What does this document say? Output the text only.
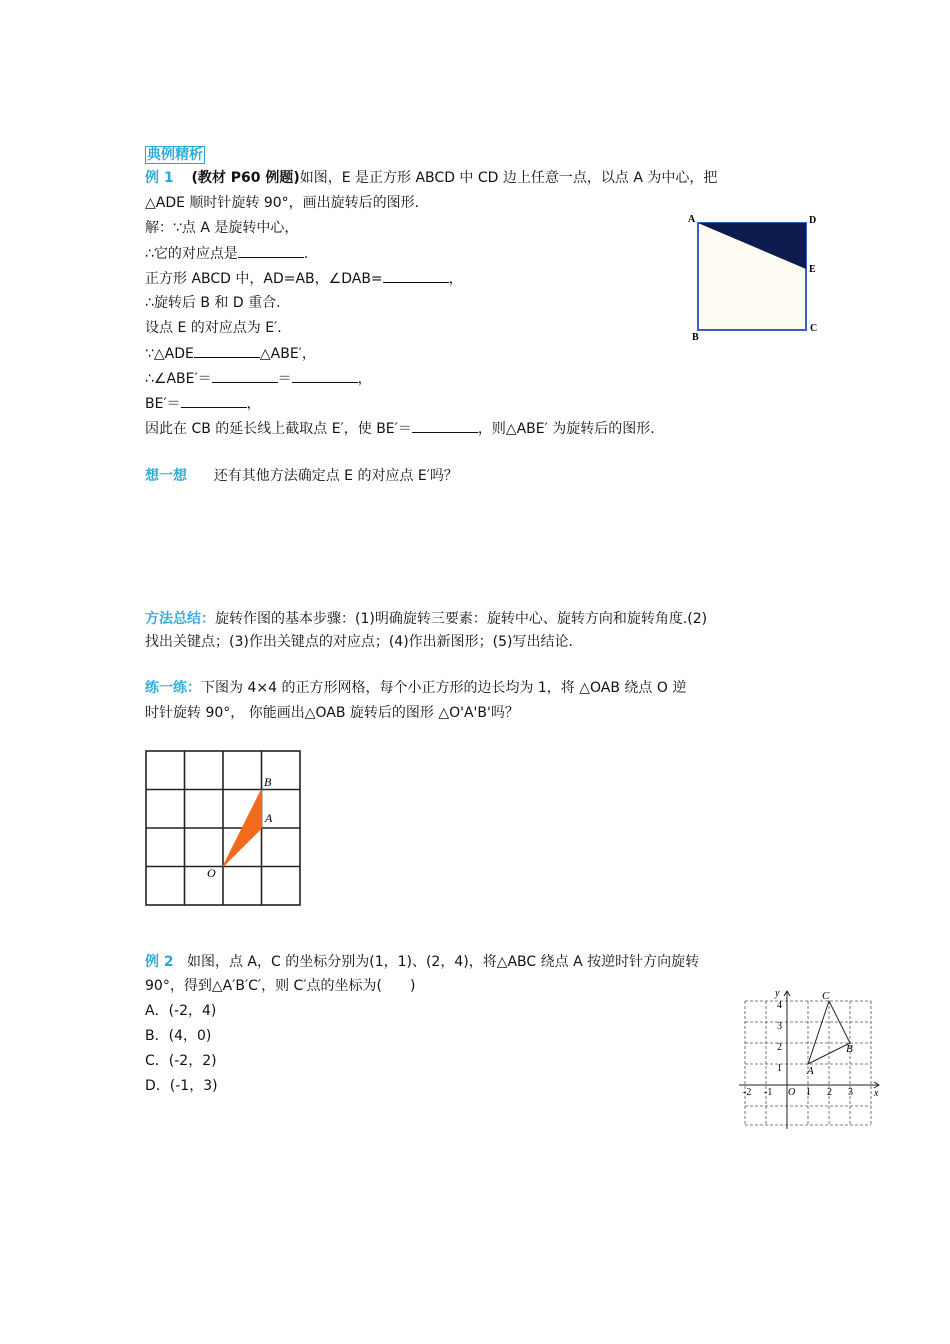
典例精析
例 1 (教材 P60 例题)如图，E 是正方形 ABCD 中 CD 边上任意一点，以点 A 为中心，把
△ADE 顺时针旋转 90°，画出旋转后的图形.
解：∵点 A 是旋转中心，
∴它的对应点是	.
正方形 ABCD 中，AD=AB，∠DAB=	，
∴旋转后 B 和 D 重合.
设点 E 的对应点为 E′.
∵△ADE	△ABE′，
∴∠ABE′＝	＝	，
BE′＝	，
因此在 CB 的延长线上截取点 E′，使 BE′＝	，则△ABE′ 为旋转后的图形.
A	D
E
C
B
想一想 还有其他方法确定点 E 的对应点 E′吗？
方法总结：旋转作图的基本步骤：(1)明确旋转三要素：旋转中心、旋转方向和旋转角度.(2)
找出关键点；(3)作出关键点的对应点；(4)作出新图形；(5)写出结论.
练一练：下图为 4×4 的正方形网格，每个小正方形的边长均为 1，将 △OAB 绕点 O 逆
时针旋转 90°， 你能画出△OAB 旋转后的图形 △O'A'B'吗？
B
A
O
例 2 如图，点 A，C 的坐标分别为(1，1)、(2，4)，将△ABC 绕点 A 按逆时针方向旋转
90°，得到△A′B′C′，则 C′点的坐标为(　　)
A．(-2，4)
B．(4，0)
C．(-2，2)
D．(-1，3)
y
x
O
-2 -1	1 2 3
1
2
3
4
C
B
A
